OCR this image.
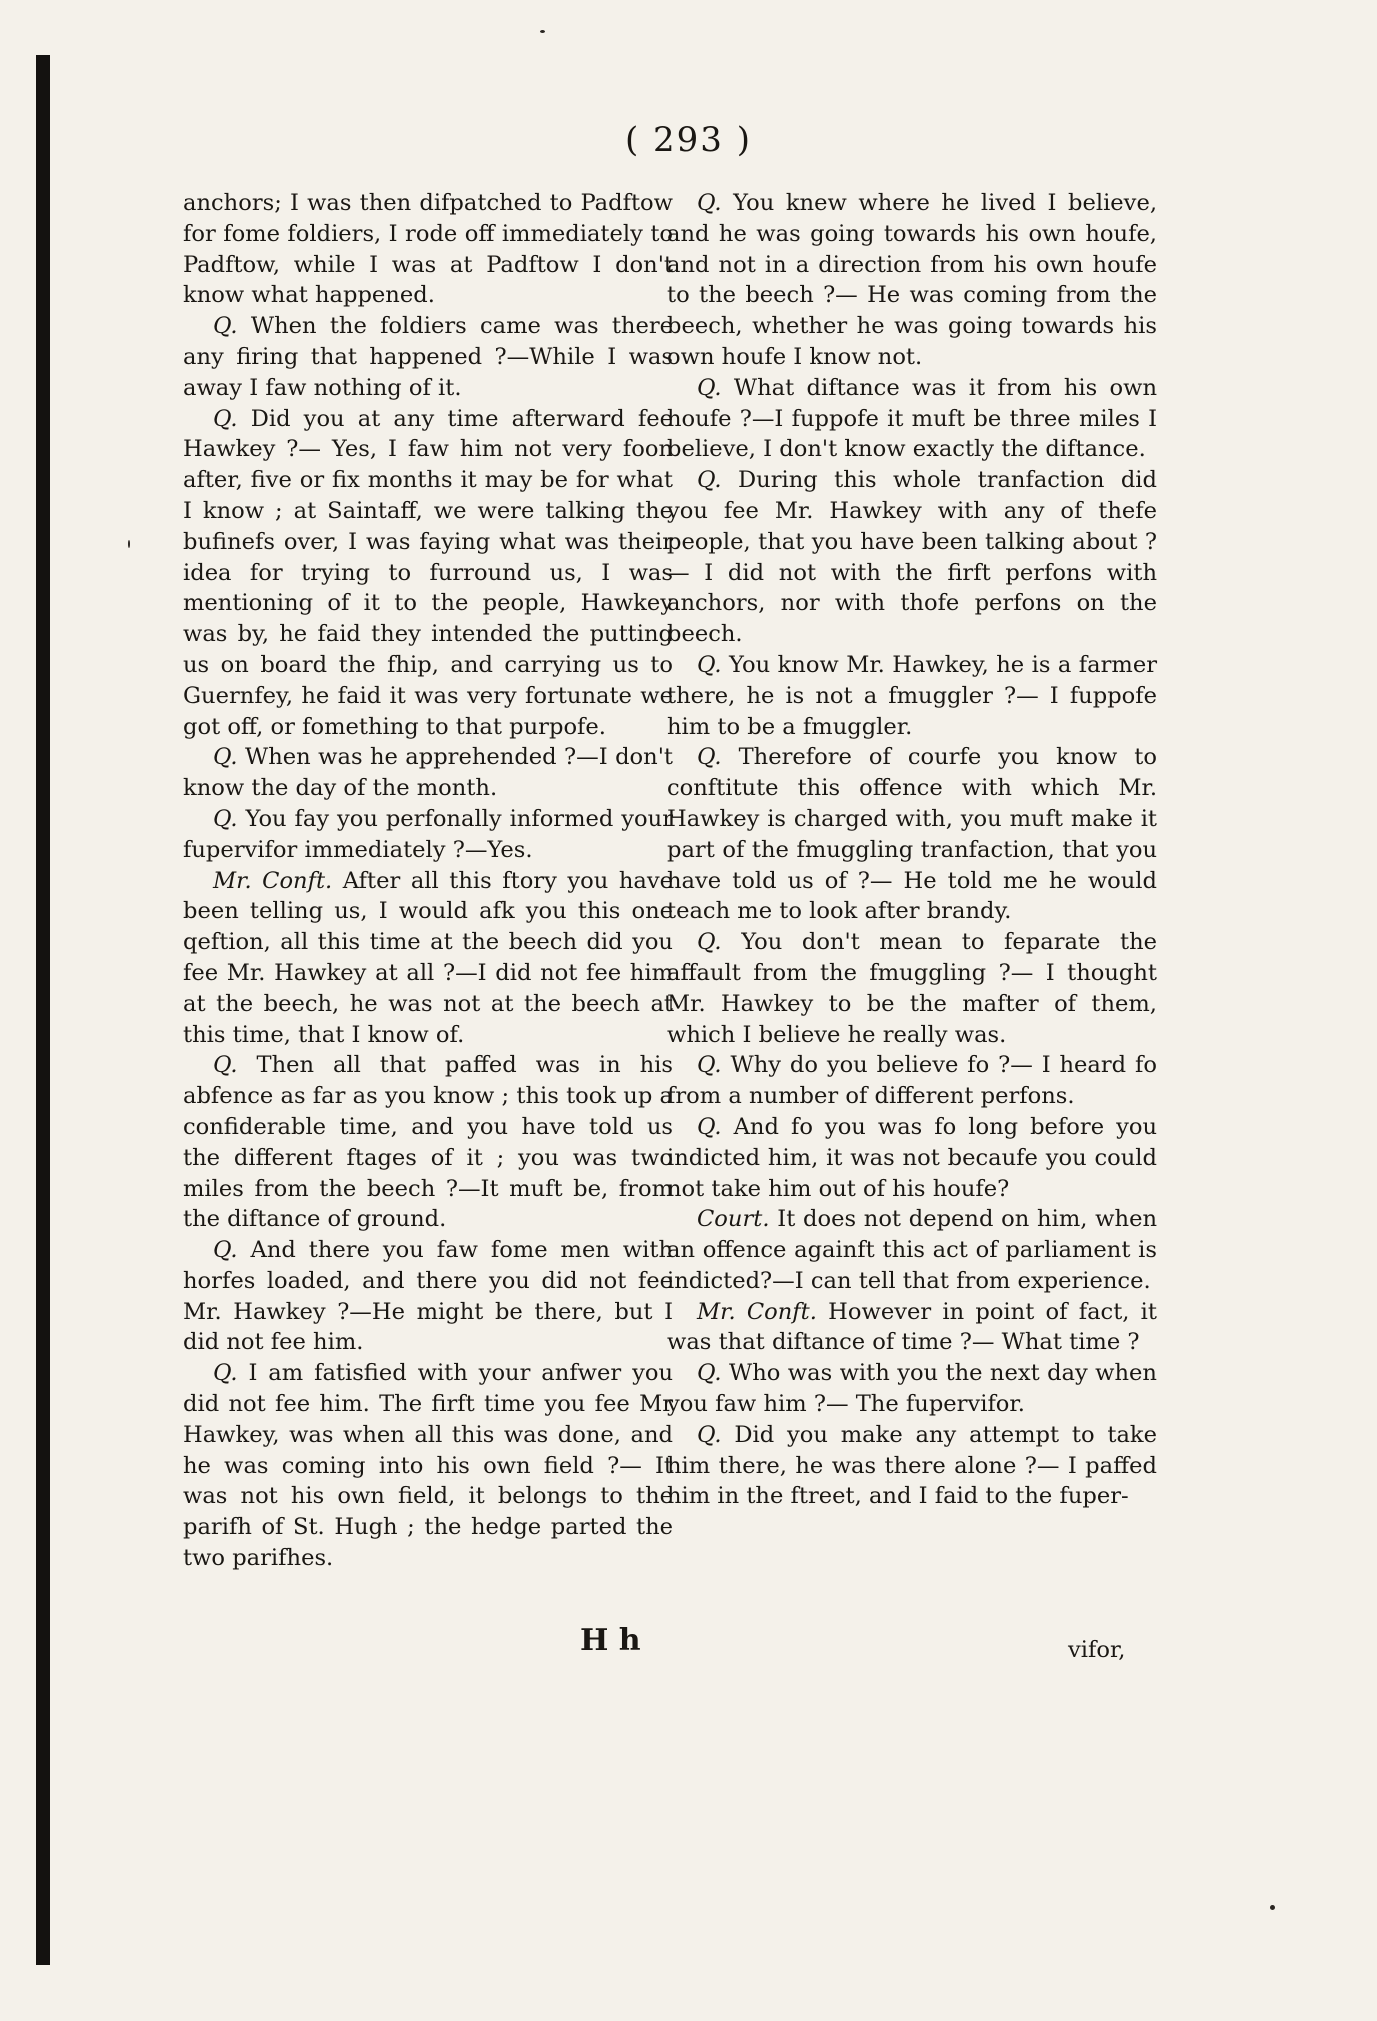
( 293 )

anchors; I was then difpatched to Padftow for fome foldiers, I rode off immediately to Padftow, while I was at Padftow I don't know what happened.

Q. When the foldiers came was there any firing that happened ?—While I was away I faw nothing of it.

Q. Did you at any time afterward fee Hawkey ?— Yes, I faw him not very foon after, five or fix months it may be for what I know ; at Saintaff, we were talking the bufinefs over, I was faying what was their idea for trying to furround us, I was mentioning of it to the people, Hawkey was by, he faid they intended the putting us on board the fhip, and carrying us to Guernfey, he faid it was very fortunate we got off, or fomething to that purpofe.

Q. When was he apprehended ?—I don't know the day of the month.

Q. You fay you perfonally informed your fupervifor immediately ?—Yes.

Mr. Conft. After all this ftory you have been telling us, I would afk you this one qeftion, all this time at the beech did you fee Mr. Hawkey at all ?—I did not fee him at the beech, he was not at the beech at this time, that I know of.

Q. Then all that paffed was in his abfence as far as you know ; this took up a confiderable time, and you have told us the different ftages of it ; you was two miles from the beech ?—It muft be, from the diftance of ground.

Q. And there you faw fome men with horfes loaded, and there you did not fee Mr. Hawkey ?—He might be there, but I did not fee him.

Q. I am fatisfied with your anfwer you did not fee him. The firft time you fee Mr Hawkey, was when all this was done, and he was coming into his own field ?— It was not his own field, it belongs to the parifh of St. Hugh ; the hedge parted the two parifhes.

Q. You knew where he lived I believe, and he was going towards his own houfe, and not in a direction from his own houfe to the beech ?— He was coming from the beech, whether he was going towards his own houfe I know not.

Q. What diftance was it from his own houfe ?—I fuppofe it muft be three miles I believe, I don't know exactly the diftance.

Q. During this whole tranfaction did you fee Mr. Hawkey with any of thefe people, that you have been talking about ? — I did not with the firft perfons with anchors, nor with thofe perfons on the beech.

Q. You know Mr. Hawkey, he is a farmer there, he is not a fmuggler ?— I fuppofe him to be a fmuggler.

Q. Therefore of courfe you know to conftitute this offence with which Mr. Hawkey is charged with, you muft make it part of the fmuggling tranfaction, that you have told us of ?— He told me he would teach me to look after brandy.

Q. You don't mean to feparate the affault from the fmuggling ?— I thought Mr. Hawkey to be the mafter of them, which I believe he really was.

Q. Why do you believe fo ?— I heard fo from a number of different perfons.

Q. And fo you was fo long before you indicted him, it was not becaufe you could not take him out of his houfe?

Court. It does not depend on him, when an offence againft this act of parliament is indicted?—I can tell that from experience.

Mr. Conft. However in point of fact, it was that diftance of time ?— What time ?

Q. Who was with you the next day when you faw him ?— The fupervifor.

Q. Did you make any attempt to take him there, he was there alone ?— I paffed him in the ftreet, and I faid to the fuper-

H h	vifor,
